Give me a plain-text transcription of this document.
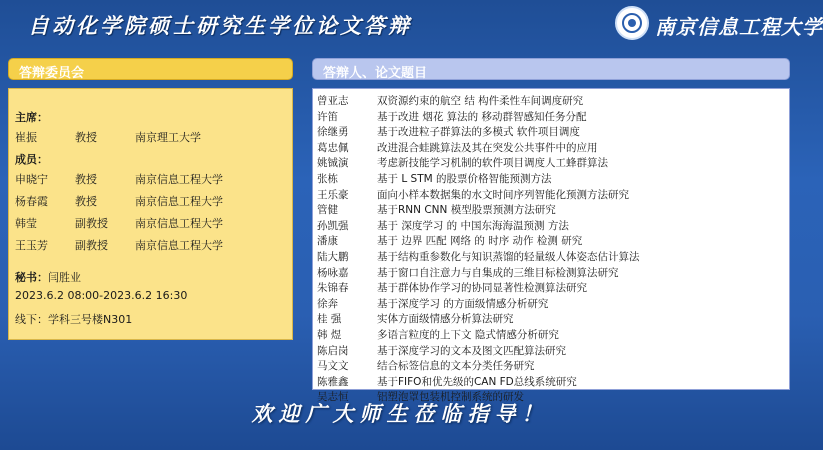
自动化学院硕士研究生学位论文答辩	南京信息工程大学
答辩委员会	答辩人、论文题目
主席：
崔振	教授	南京理工大学
成员：
申晓宁 教授	南京信息工程大学
杨春霞 教授	南京信息工程大学
韩莹	副教授 南京信息工程大学
王玉芳 副教授 南京信息工程大学
秘书：闫胜业
2023.6.2 08:00-2023.6.2 16:30
线下：学科三号楼N301
曾亚志	双资源约束的航空 结 构件柔性车间调度研究
许笛	基于改进 烟花 算法的 移动群智感知任务分配
徐继勇	基于改进粒子群算法的多模式 软件项目调度
葛忠佩	改进混合蛙跳算法及其在突发公共事件中的应用
姚铖演	考虑新技能学习机制的软件项目调度人工蜂群算法
张栋	基于 L STM 的股票价格智能预测方法
王乐豪	面向小样本数据集的水文时间序列智能化预测方法研究
管健	基于RNN CNN 模型股票预测方法研究
孙凯强	基于 深度学习 的 中国东海海温预测 方法
潘康	基于 边界 匹配 网络 的 时序 动作 检测 研究
陆大鹏	基于结构重参数化与知识蒸馏的轻量级人体姿态估计算法
杨咏嘉	基于窗口自注意力与自集成的三维目标检测算法研究
朱锦春	基于群体协作学习的协同显著性检测算法研究
徐奔	基于深度学习 的方面级情感分析研究
桂 强	实体方面级情感分析算法研究
韩 煜	多语言粒度的上下文 隐式情感分析研究
陈启岗	基于深度学习的文本及图文匹配算法研究
马文文	结合标签信息的文本分类任务研究
陈雅鑫	基于FIFO和优先级的CAN FD总线系统研究
吴志恒	铝塑泡罩包装机控制系统的研发
欢迎广大师生莅临指导！
